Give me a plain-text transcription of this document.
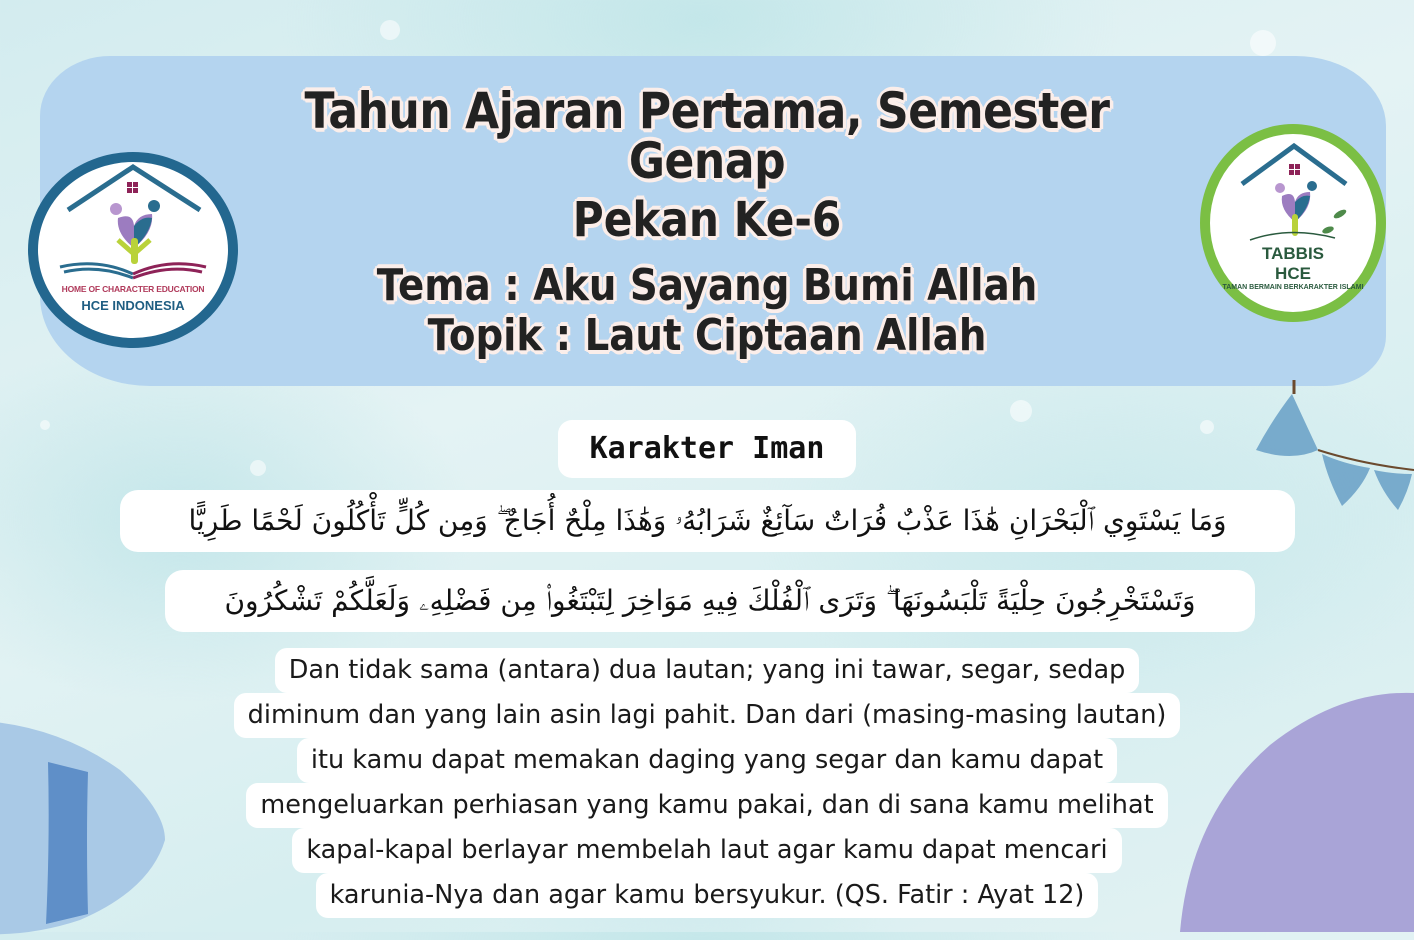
Tahun Ajaran Pertama, Semester Genap
Pekan Ke-6
Tema : Aku Sayang Bumi Allah
Topik : Laut Ciptaan Allah
HOME OF CHARACTER EDUCATION
HCE INDONESIA
TABBIS
HCE
TAMAN BERMAIN BERKARAKTER ISLAMI
Karakter Iman
وَمَا يَسْتَوِي ٱلْبَحْرَانِ هَٰذَا عَذْبٌ فُرَاتٌ سَآئِغٌ شَرَابُهُۥ وَهَٰذَا مِلْحٌ أُجَاجٌ ۖ وَمِن كُلٍّ تَأْكُلُونَ لَحْمًا طَرِيًّا
وَتَسْتَخْرِجُونَ حِلْيَةً تَلْبَسُونَهَا ۖ وَتَرَى ٱلْفُلْكَ فِيهِ مَوَاخِرَ لِتَبْتَغُوا۟ مِن فَضْلِهِۦ وَلَعَلَّكُمْ تَشْكُرُونَ
Dan tidak sama (antara) dua lautan; yang ini tawar, segar, sedap
diminum dan yang lain asin lagi pahit. Dan dari (masing-masing lautan)
itu kamu dapat memakan daging yang segar dan kamu dapat
mengeluarkan perhiasan yang kamu pakai, dan di sana kamu melihat
kapal-kapal berlayar membelah laut agar kamu dapat mencari
karunia-Nya dan agar kamu bersyukur. (QS. Fatir : Ayat 12)
